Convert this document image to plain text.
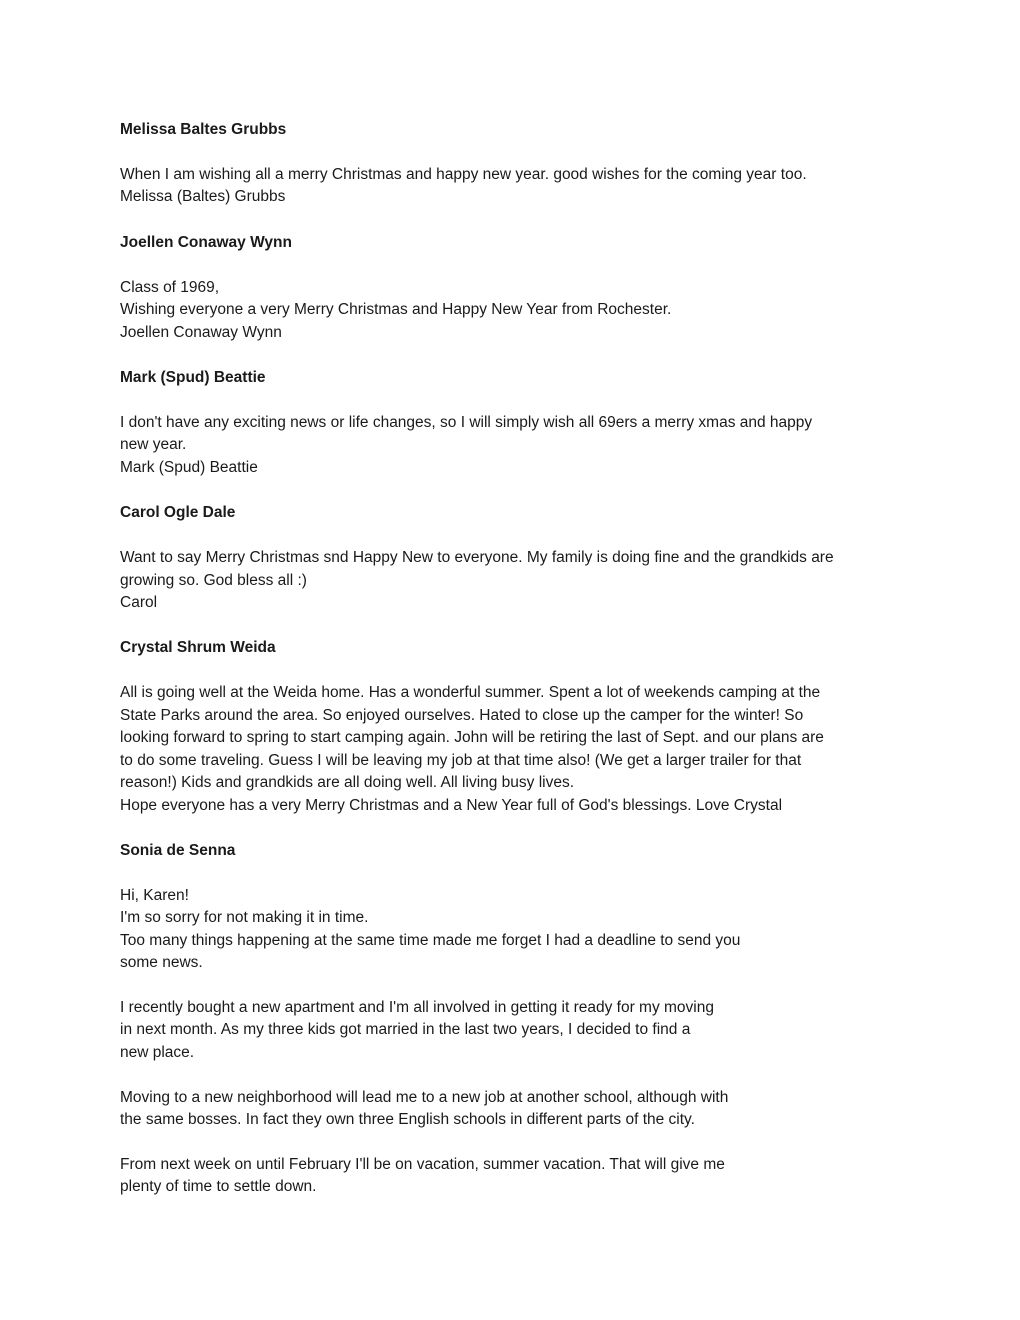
Melissa Baltes Grubbs
When I am wishing all a merry Christmas and happy new year. good wishes for the coming year too.
Melissa (Baltes) Grubbs
Joellen Conaway Wynn
Class of 1969,
Wishing everyone a very Merry Christmas and Happy New Year from Rochester.
Joellen Conaway Wynn
Mark (Spud) Beattie
I don't have any exciting news or life changes, so I will simply wish all 69ers a merry xmas and happy
new year.
Mark (Spud) Beattie
Carol Ogle Dale
Want to say Merry Christmas snd Happy New to everyone. My family is doing fine and the grandkids are
growing so. God bless all :)
Carol
Crystal Shrum Weida
All is going well at the Weida home. Has a wonderful summer. Spent a lot of weekends camping at the
State Parks around the area. So enjoyed ourselves. Hated to close up the camper for the winter! So
looking forward to spring to start camping again. John will be retiring the last of Sept. and our plans are
to do some traveling. Guess I will be leaving my job at that time also! (We get a larger trailer for that
reason!) Kids and grandkids are all doing well. All living busy lives.
Hope everyone has a very Merry Christmas and a New Year full of God's blessings. Love Crystal
Sonia de Senna
Hi, Karen!
I'm so sorry for not making it in time.
Too many things happening at the same time made me forget I had a deadline to send you
some news.
I recently bought a new apartment and I'm all involved in getting it ready for my moving
in next month. As my three kids got married in the last two years, I decided to find a
new place.
Moving to a new neighborhood will lead me to a new job at another school, although with
the same bosses. In fact they own three English schools in different parts of the city.
From next week on until February I'll be on vacation, summer vacation. That will give me
plenty of time to settle down.
